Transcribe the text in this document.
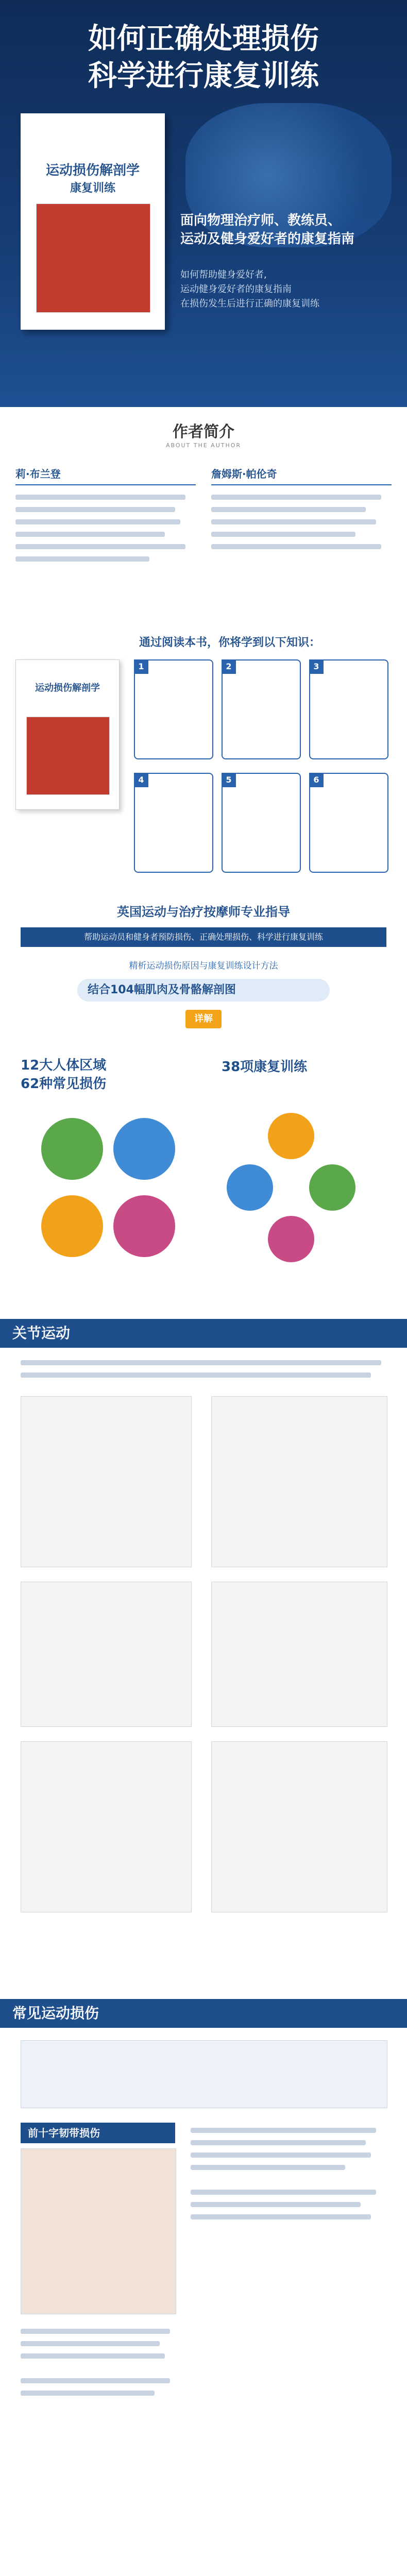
如何正确处理损伤
科学进行康复训练
运动损伤解剖学
康复训练
面向物理治疗师、教练员、
运动及健身爱好者的康复指南
如何帮助健身爱好者,
运动健身爱好者的康复指南
在损伤发生后进行正确的康复训练
作者简介
ABOUT THE AUTHOR
莉·布兰登	詹姆斯·帕伦奇
通过阅读本书，你将学到以下知识：
运动损伤解剖学
1	2	3
4	5	6
英国运动与治疗按摩师专业指导
帮助运动员和健身者预防损伤、正确处理损伤、科学进行康复训练
精析运动损伤原因与康复训练设计方法
结合104幅肌肉及骨骼解剖图
详解
12大人体区域
62种常见损伤
38项康复训练
关节运动
常见运动损伤
前十字韧带损伤
